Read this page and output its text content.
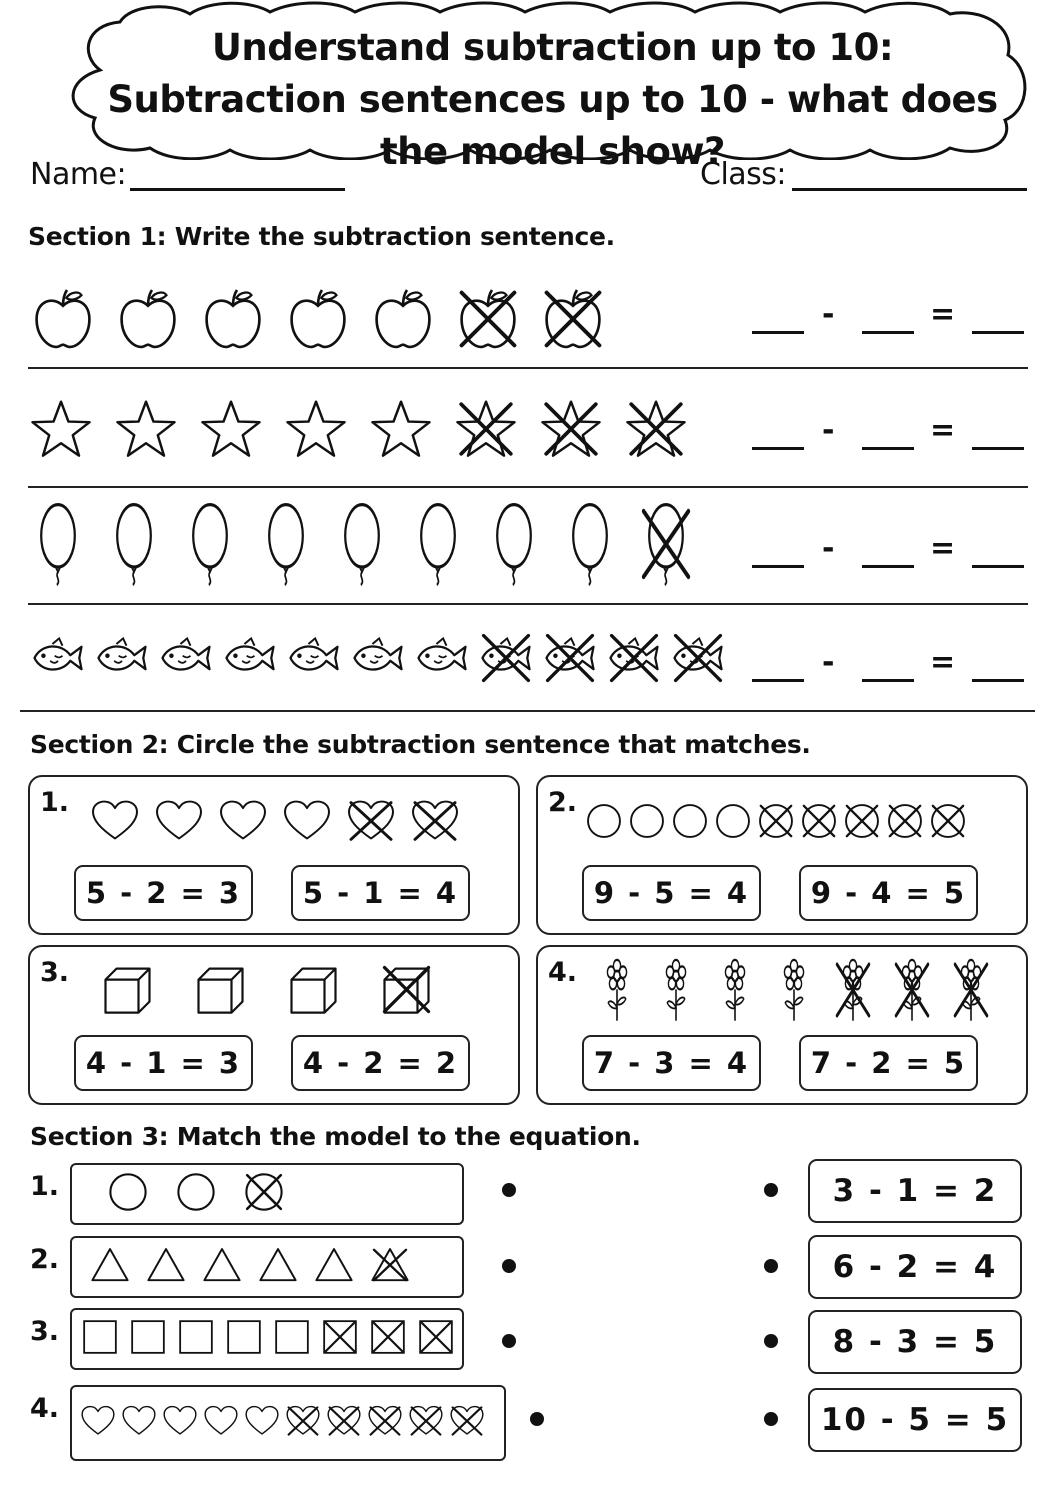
Understand subtraction up to 10: Subtraction sentences up to 10 - what does the model show?
Name:	Class:
Section 1: Write the subtraction sentence.
-	=
-	=
-	=
-	=
Section 2: Circle the subtraction sentence that matches.
1.
5 - 2 = 3	5 - 1 = 4
2.
9 - 5 = 4	9 - 4 = 5
3.
4 - 1 = 3	4 - 2 = 2
4.
7 - 3 = 4	7 - 2 = 5
Section 3: Match the model to the equation.
1.
2.
3.
4.
3 - 1 = 2
6 - 2 = 4
8 - 3 = 5
10 - 5 = 5
